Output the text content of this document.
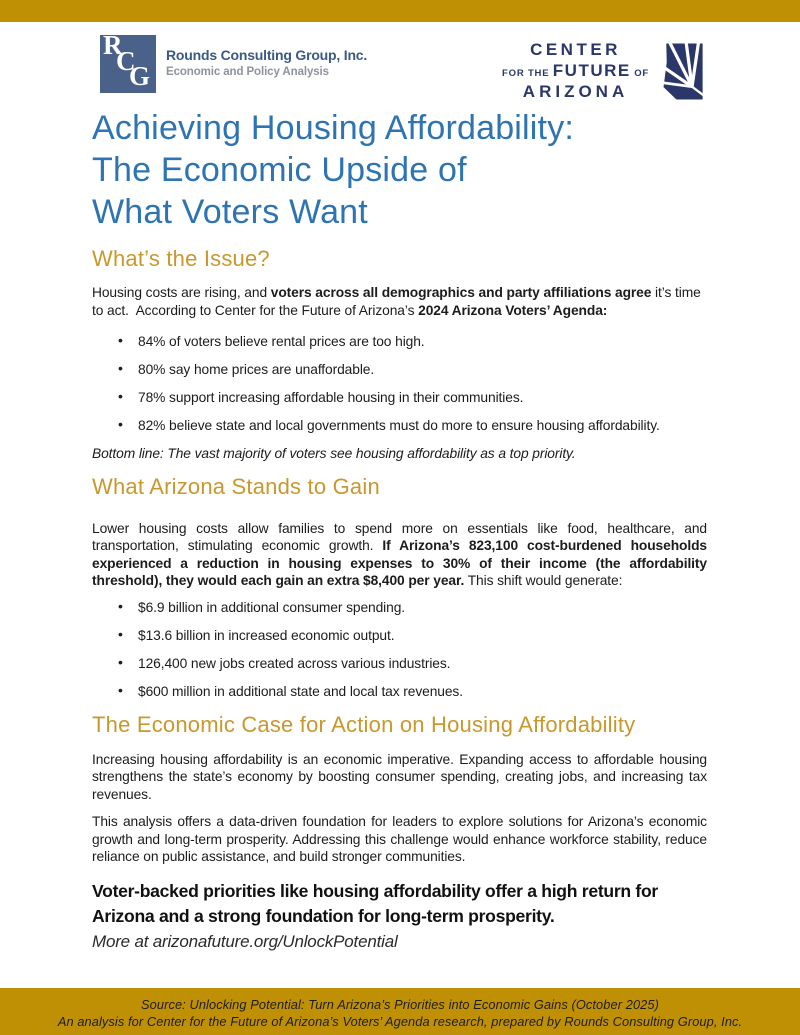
R
C
G
Rounds Consulting Group, Inc.
Economic and Policy Analysis
CENTER
FOR THE FUTURE OF
ARIZONA
Achieving Housing Affordability:
The Economic Upside of
What Voters Want
What’s the Issue?

Housing costs are rising, and voters across all demographics and party affiliations agree it’s time to act.  According to Center for the Future of Arizona’s 2024 Arizona Voters’ Agenda:

• 84% of voters believe rental prices are too high.
• 80% say home prices are unaffordable.
• 78% support increasing affordable housing in their communities.
• 82% believe state and local governments must do more to ensure housing affordability.

Bottom line: The vast majority of voters see housing affordability as a top priority.

What Arizona Stands to Gain

Lower housing costs allow families to spend more on essentials like food, healthcare, and transportation, stimulating economic growth. If Arizona’s 823,100 cost-burdened households experienced a reduction in housing expenses to 30% of their income (the affordability threshold), they would each gain an extra $8,400 per year. This shift would generate:

• $6.9 billion in additional consumer spending.
• $13.6 billion in increased economic output.
• 126,400 new jobs created across various industries.
• $600 million in additional state and local tax revenues.
The Economic Case for Action on Housing Affordability

Increasing housing affordability is an economic imperative. Expanding access to affordable housing strengthens the state’s economy by boosting consumer spending, creating jobs, and increasing tax revenues.

This analysis offers a data-driven foundation for leaders to explore solutions for Arizona’s economic growth and long-term prosperity. Addressing this challenge would enhance workforce stability, reduce reliance on public assistance, and build stronger communities.

Voter-backed priorities like housing affordability offer a high return for Arizona and a strong foundation for long-term prosperity.

More at arizonafuture.org/UnlockPotential

Source: Unlocking Potential: Turn Arizona’s Priorities into Economic Gains (October 2025)
An analysis for Center for the Future of Arizona’s Voters’ Agenda research, prepared by Rounds Consulting Group, Inc.
